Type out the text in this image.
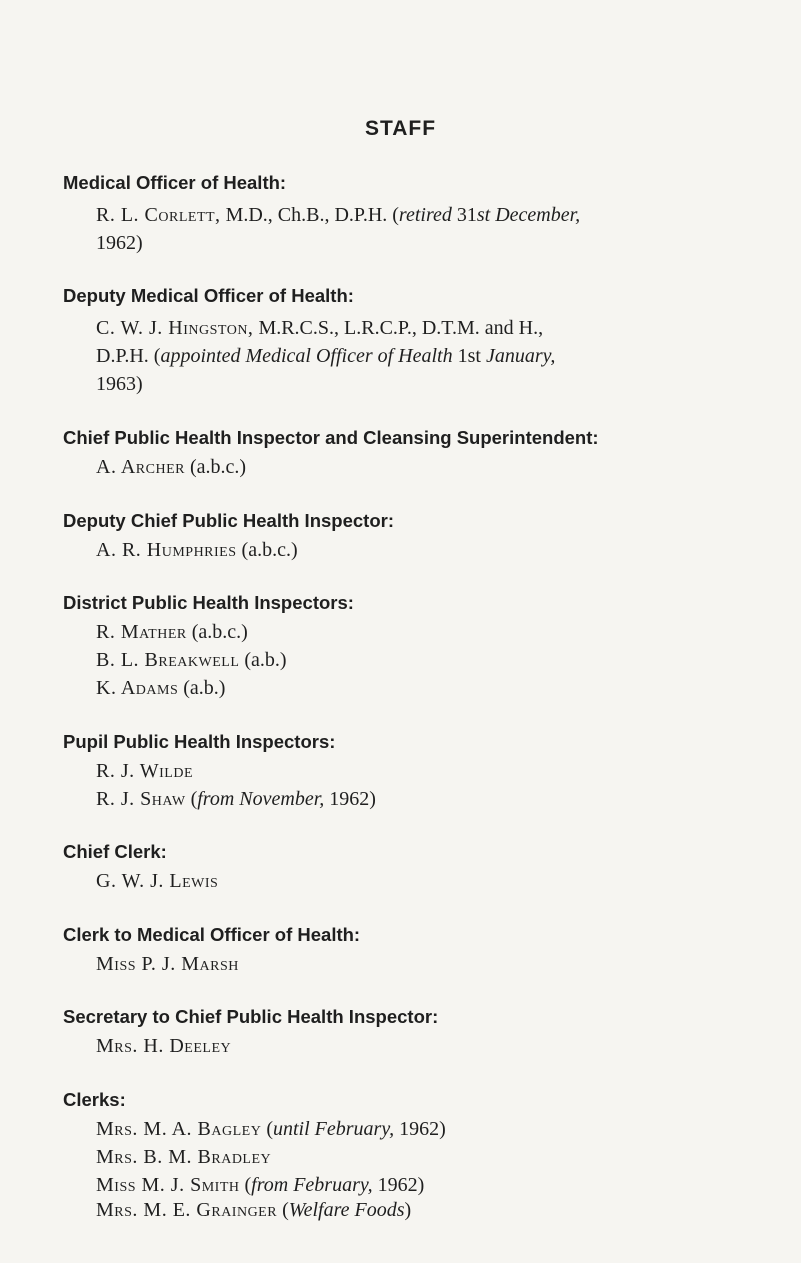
STAFF
Medical Officer of Health:
R. L. Corlett, M.D., Ch.B., D.P.H. (retired 31st December,
1962)
Deputy Medical Officer of Health:
C. W. J. Hingston, M.R.C.S., L.R.C.P., D.T.M. and H.,
D.P.H. (appointed Medical Officer of Health 1st January,
1963)
Chief Public Health Inspector and Cleansing Superintendent:
A. Archer (a.b.c.)
Deputy Chief Public Health Inspector:
A. R. Humphries (a.b.c.)
District Public Health Inspectors:
R. Mather (a.b.c.)
B. L. Breakwell (a.b.)
K. Adams (a.b.)
Pupil Public Health Inspectors:
R. J. Wilde
R. J. Shaw (from November, 1962)
Chief Clerk:
G. W. J. Lewis
Clerk to Medical Officer of Health:
Miss P. J. Marsh
Secretary to Chief Public Health Inspector:
Mrs. H. Deeley
Clerks:
Mrs. M. A. Bagley (until February, 1962)
Mrs. B. M. Bradley
Miss M. J. Smith (from February, 1962)
Mrs. M. E. Grainger (Welfare Foods)
